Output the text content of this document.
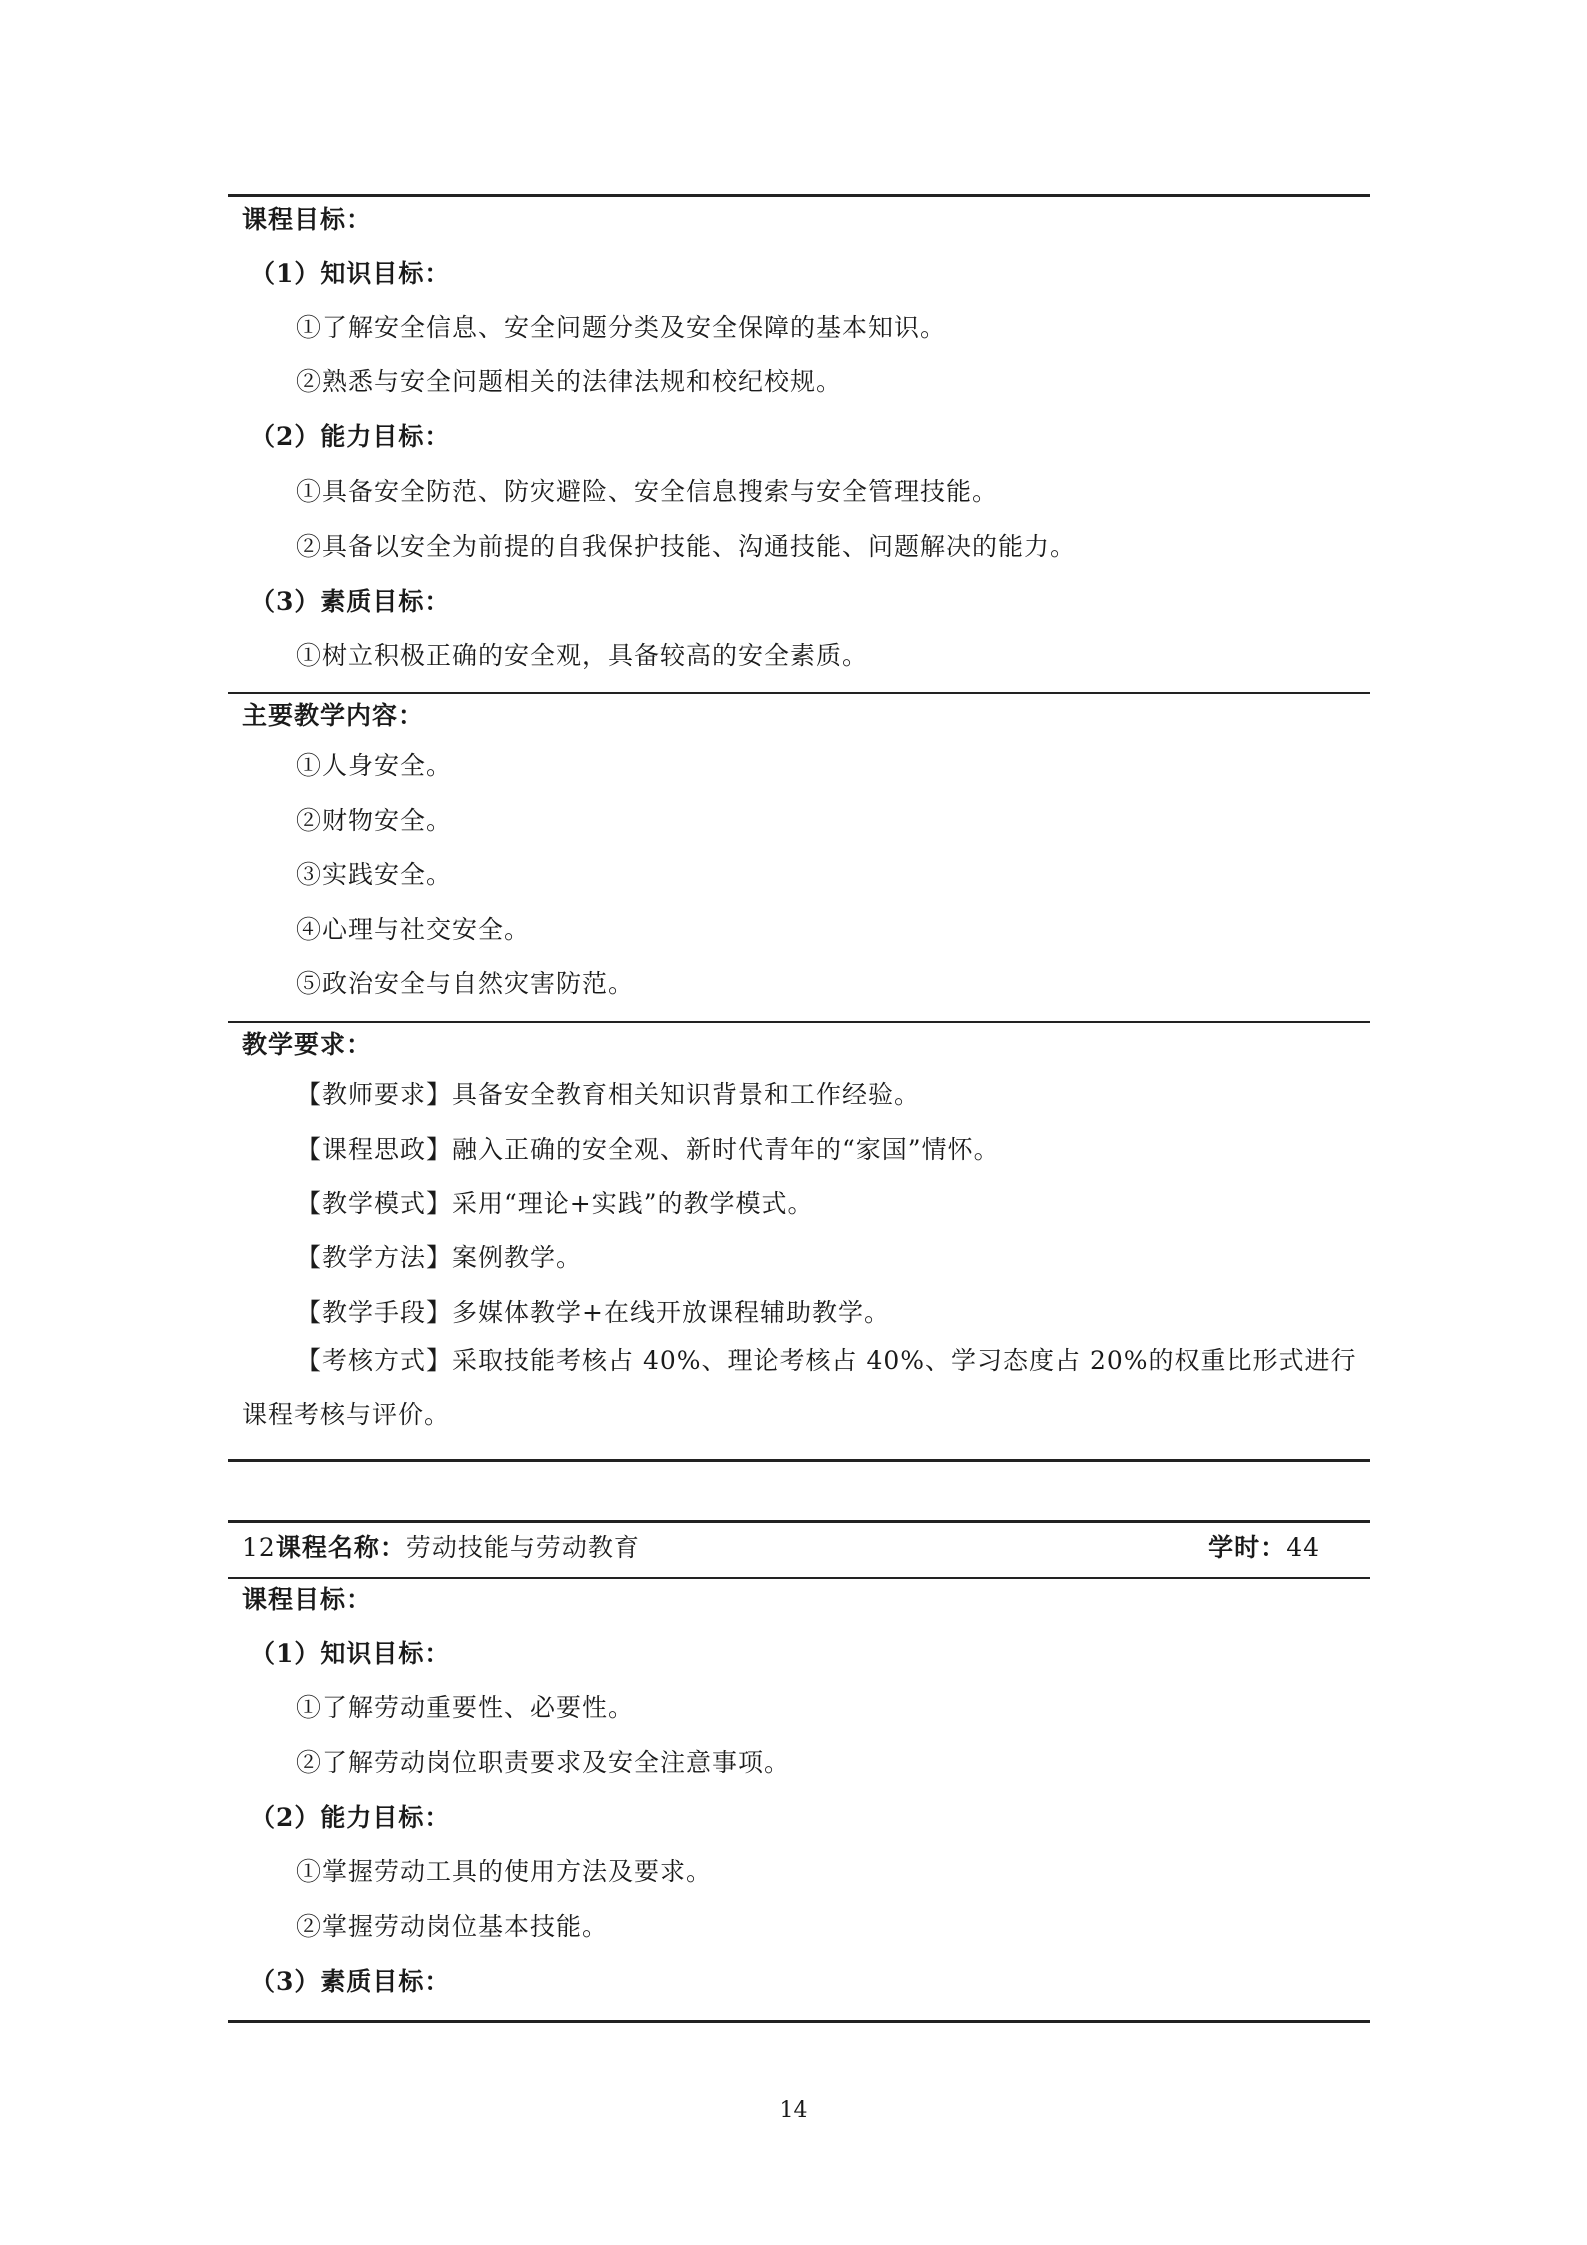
课程目标：
（1）知识目标：
①了解安全信息、安全问题分类及安全保障的基本知识。
②熟悉与安全问题相关的法律法规和校纪校规。
（2）能力目标：
①具备安全防范、防灾避险、安全信息搜索与安全管理技能。
②具备以安全为前提的自我保护技能、沟通技能、问题解决的能力。
（3）素质目标：
①树立积极正确的安全观，具备较高的安全素质。
主要教学内容：
①人身安全。
②财物安全。
③实践安全。
④心理与社交安全。
⑤政治安全与自然灾害防范。
教学要求：
【教师要求】具备安全教育相关知识背景和工作经验。
【课程思政】融入正确的安全观、新时代青年的“家国”情怀。
【教学模式】采用“理论+实践”的教学模式。
【教学方法】案例教学。
【教学手段】多媒体教学+在线开放课程辅助教学。
【考核方式】采取技能考核占 40%、理论考核占 40%、学习态度占 20%的权重比形式进行课程考核与评价。
12课程名称：劳动技能与劳动教育	学时：44
课程目标：
（1）知识目标：
①了解劳动重要性、必要性。
②了解劳动岗位职责要求及安全注意事项。
（2）能力目标：
①掌握劳动工具的使用方法及要求。
②掌握劳动岗位基本技能。
（3）素质目标：
14
